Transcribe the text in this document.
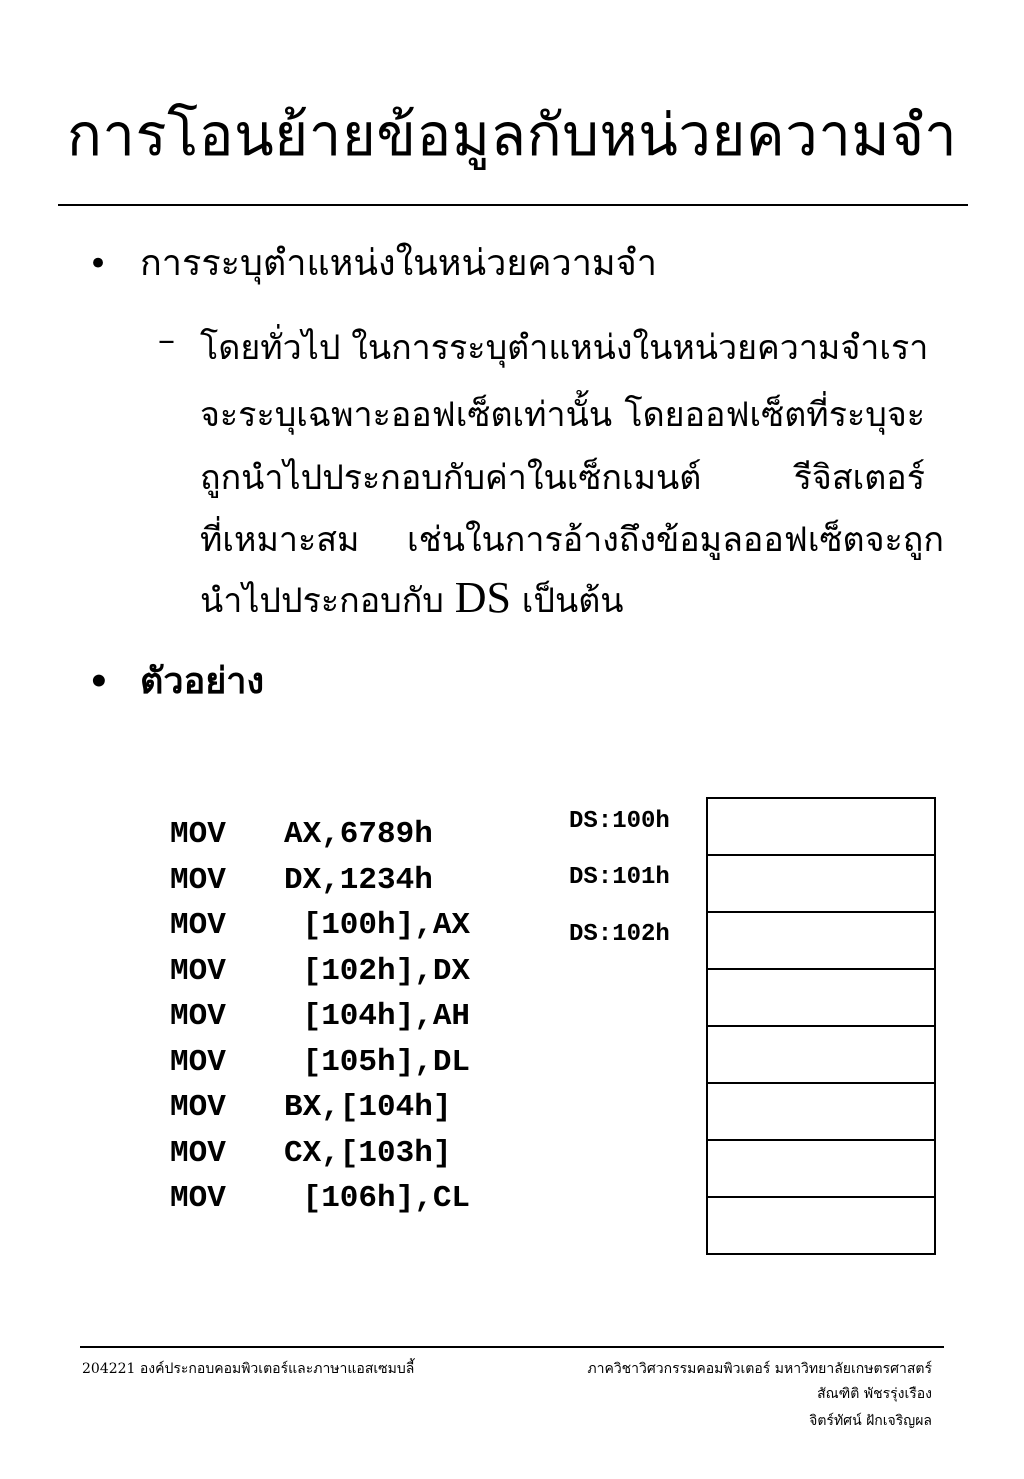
การโอนย้ายข้อมูลกับหน่วยความจำ
• การระบุตำแหน่งในหน่วยความจำ
– โดยทั่วไป ในการระบุตำแหน่งในหน่วยความจำเรา
จะระบุเฉพาะออฟเซ็ตเท่านั้น โดยออฟเซ็ตที่ระบุจะ
ถูกนำไปประกอบกับค่าในเซ็กเมนต์	รีจิสเตอร์
ที่เหมาะสม เช่นในการอ้างถึงข้อมูลออฟเซ็ตจะถูก
นำไปประกอบกับ DS เป็นต้น
• ตัวอย่าง
MOV AX,6789h
MOV DX,1234h
MOV [100h],AX
MOV [102h],DX
MOV [104h],AH
MOV [105h],DL
MOV BX,[104h]
MOV CX,[103h]
MOV [106h],CL
DS:100h
DS:101h
DS:102h
204221 องค์ประกอบคอมพิวเตอร์และภาษาแอสเซมบลี้	ภาควิชาวิศวกรรมคอมพิวเตอร์ มหาวิทยาลัยเกษตรศาสตร์
สัณฑิติ พัชรรุ่งเรือง
จิตร์ทัศน์ ฝักเจริญผล
